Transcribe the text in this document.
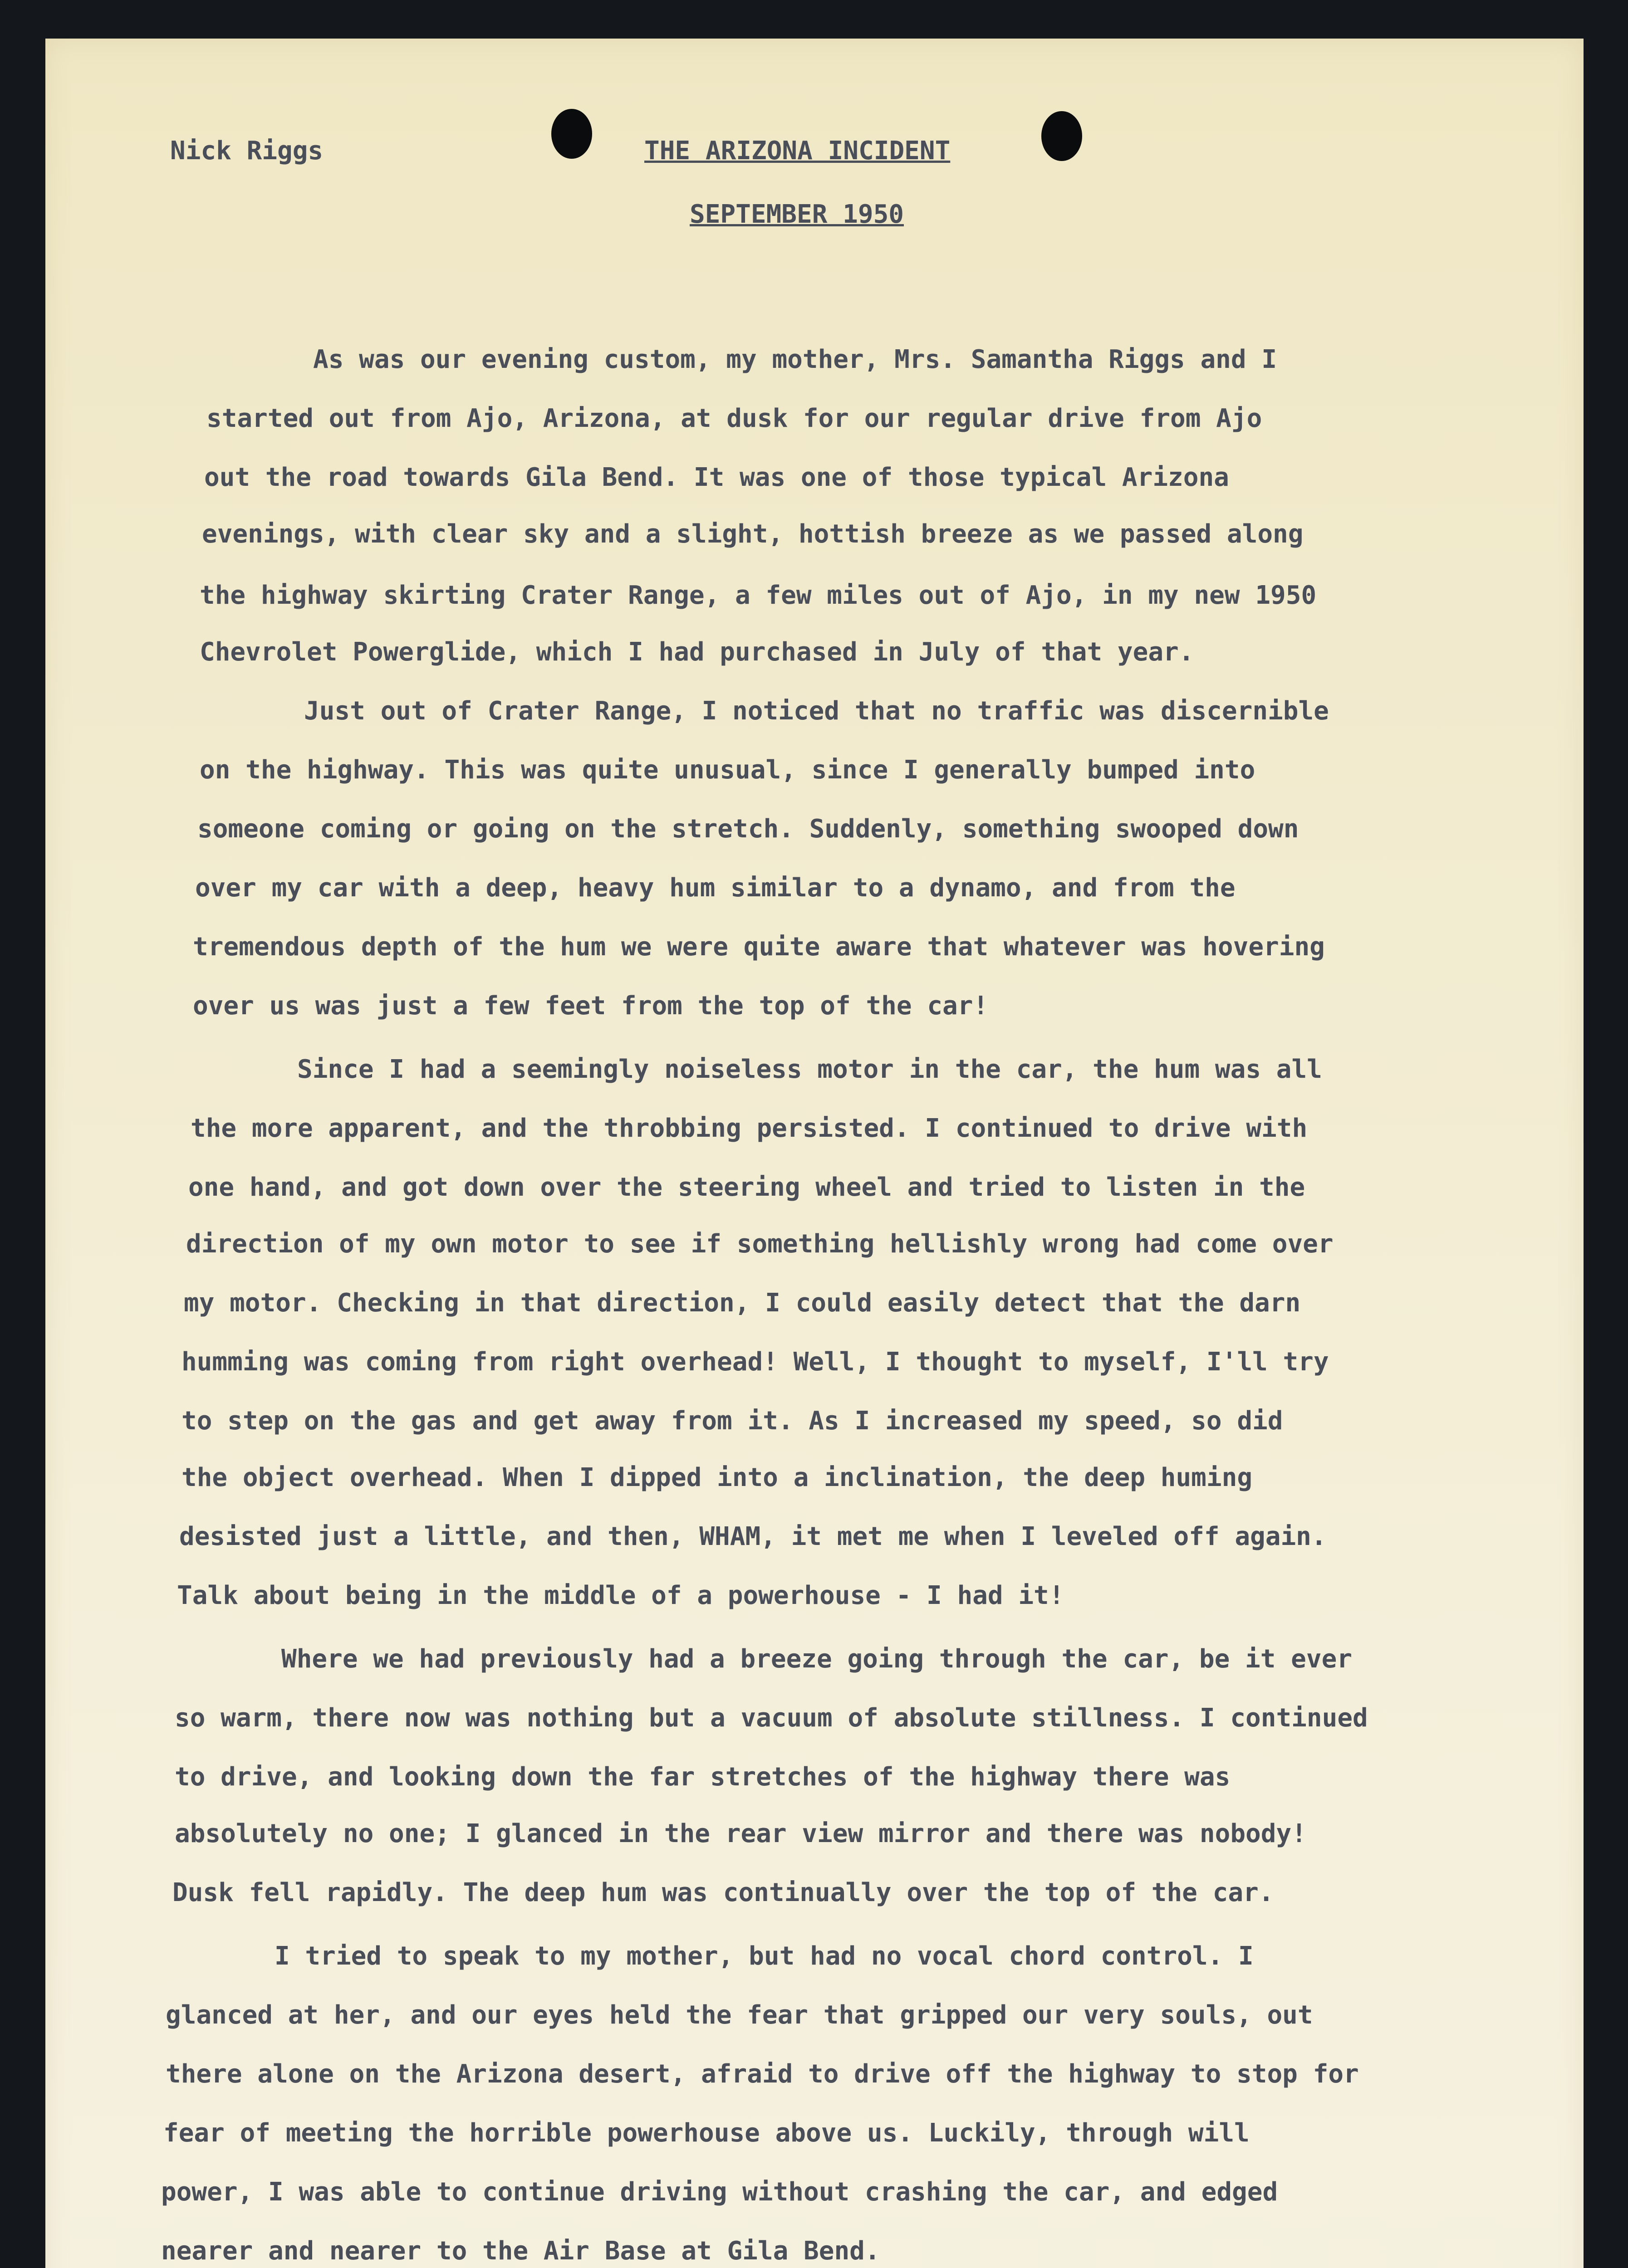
Nick Riggs	THE ARIZONA INCIDENT
SEPTEMBER 1950
As was our evening custom, my mother, Mrs. Samantha Riggs and I
started out from Ajo, Arizona, at dusk for our regular drive from Ajo
out the road towards Gila Bend. It was one of those typical Arizona
evenings, with clear sky and a slight, hottish breeze as we passed along
the highway skirting Crater Range, a few miles out of Ajo, in my new 1950
Chevrolet Powerglide, which I had purchased in July of that year.
Just out of Crater Range, I noticed that no traffic was discernible
on the highway. This was quite unusual, since I generally bumped into
someone coming or going on the stretch. Suddenly, something swooped down
over my car with a deep, heavy hum similar to a dynamo, and from the
tremendous depth of the hum we were quite aware that whatever was hovering
over us was just a few feet from the top of the car!
Since I had a seemingly noiseless motor in the car, the hum was all
the more apparent, and the throbbing persisted. I continued to drive with
one hand, and got down over the steering wheel and tried to listen in the
direction of my own motor to see if something hellishly wrong had come over
my motor. Checking in that direction, I could easily detect that the darn
humming was coming from right overhead! Well, I thought to myself, I'll try
to step on the gas and get away from it. As I increased my speed, so did
the object overhead. When I dipped into a inclination, the deep huming
desisted just a little, and then, WHAM, it met me when I leveled off again.
Talk about being in the middle of a powerhouse - I had it!
Where we had previously had a breeze going through the car, be it ever
so warm, there now was nothing but a vacuum of absolute stillness. I continued
to drive, and looking down the far stretches of the highway there was
absolutely no one; I glanced in the rear view mirror and there was nobody!
Dusk fell rapidly. The deep hum was continually over the top of the car.
I tried to speak to my mother, but had no vocal chord control. I
glanced at her, and our eyes held the fear that gripped our very souls, out
there alone on the Arizona desert, afraid to drive off the highway to stop for
fear of meeting the horrible powerhouse above us. Luckily, through will
power, I was able to continue driving without crashing the car, and edged
nearer and nearer to the Air Base at Gila Bend.
